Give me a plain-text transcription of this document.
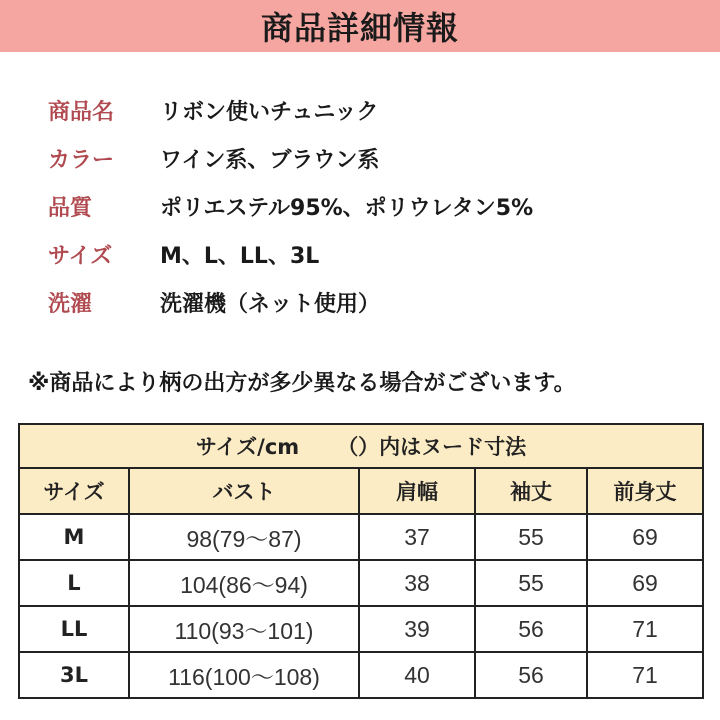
商品詳細情報
商品名	リボン使いチュニック
カラー	ワイン系、ブラウン系
品質	ポリエステル95%、ポリウレタン5%
サイズ	M、L、LL、3L
洗濯	洗濯機（ネット使用）
※商品により柄の出方が多少異なる場合がございます。
サイズ/cm （）内はヌード寸法				
サイズ	バスト	肩幅	袖丈	前身丈
M	98(79～87)	37	55	69
L	104(86～94)	38	55	69
LL	110(93～101)	39	56	71
3L	116(100～108)	40	56	71
